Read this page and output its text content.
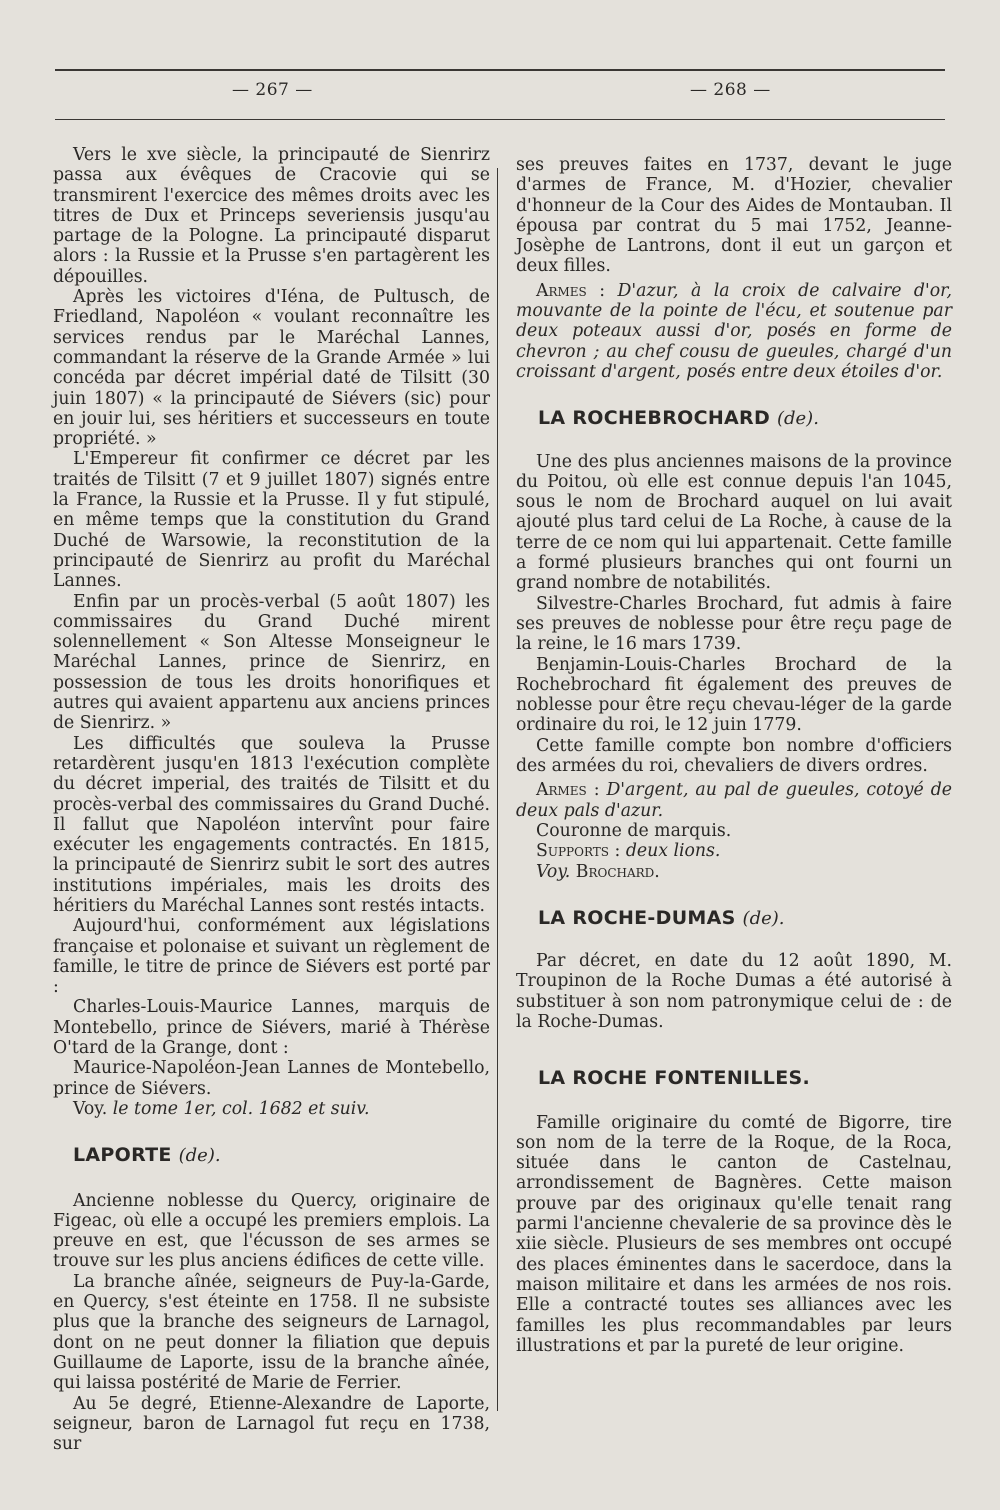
— 267 —	— 268 —

Vers le xve siècle, la principauté de Sienrirz passa aux évêques de Cracovie qui se transmirent l'exercice des mêmes droits avec les titres de Dux et Princeps severiensis jusqu'au partage de la Pologne. La principauté disparut alors : la Russie et la Prusse s'en partagèrent les dépouilles.

Après les victoires d'Iéna, de Pultusch, de Friedland, Napoléon « voulant reconnaître les services rendus par le Maréchal Lannes, commandant la réserve de la Grande Armée » lui concéda par décret impérial daté de Tilsitt (30 juin 1807) « la principauté de Siévers (sic) pour en jouir lui, ses héritiers et successeurs en toute propriété. »

L'Empereur fit confirmer ce décret par les traités de Tilsitt (7 et 9 juillet 1807) signés entre la France, la Russie et la Prusse. Il y fut stipulé, en même temps que la constitution du Grand Duché de Warsowie, la reconstitution de la principauté de Sienrirz au profit du Maréchal Lannes.

Enfin par un procès-verbal (5 août 1807) les commissaires du Grand Duché mirent solennellement « Son Altesse Monseigneur le Maréchal Lannes, prince de Sienrirz, en possession de tous les droits honorifiques et autres qui avaient appartenu aux anciens princes de Sienrirz. »

Les difficultés que souleva la Prusse retardèrent jusqu'en 1813 l'exécution complète du décret imperial, des traités de Tilsitt et du procès-verbal des commissaires du Grand Duché. Il fallut que Napoléon intervînt pour faire exécuter les engagements contractés. En 1815, la principauté de Sienrirz subit le sort des autres institutions impériales, mais les droits des héritiers du Maréchal Lannes sont restés intacts.

Aujourd'hui, conformément aux législations française et polonaise et suivant un règlement de famille, le titre de prince de Siévers est porté par :

Charles-Louis-Maurice Lannes, marquis de Montebello, prince de Siévers, marié à Thérèse O'tard de la Grange, dont :

Maurice-Napoléon-Jean Lannes de Montebello, prince de Siévers.

Voy. le tome 1er, col. 1682 et suiv.

LAPORTE (de).

Ancienne noblesse du Quercy, originaire de Figeac, où elle a occupé les premiers emplois. La preuve en est, que l'écusson de ses armes se trouve sur les plus anciens édifices de cette ville.

La branche aînée, seigneurs de Puy-la-Garde, en Quercy, s'est éteinte en 1758. Il ne subsiste plus que la branche des seigneurs de Larnagol, dont on ne peut donner la filiation que depuis Guillaume de Laporte, issu de la branche aînée, qui laissa postérité de Marie de Ferrier.

Au 5e degré, Etienne-Alexandre de Laporte, seigneur, baron de Larnagol fut reçu en 1738, sur

ses preuves faites en 1737, devant le juge d'armes de France, M. d'Hozier, chevalier d'honneur de la Cour des Aides de Montauban. Il épousa par contrat du 5 mai 1752, Jeanne-Josèphe de Lantrons, dont il eut un garçon et deux filles.

Armes : D'azur, à la croix de calvaire d'or, mouvante de la pointe de l'écu, et soutenue par deux poteaux aussi d'or, posés en forme de chevron ; au chef cousu de gueules, chargé d'un croissant d'argent, posés entre deux étoiles d'or.

LA ROCHEBROCHARD (de).

Une des plus anciennes maisons de la province du Poitou, où elle est connue depuis l'an 1045, sous le nom de Brochard auquel on lui avait ajouté plus tard celui de La Roche, à cause de la terre de ce nom qui lui appartenait. Cette famille a formé plusieurs branches qui ont fourni un grand nombre de notabilités.

Silvestre-Charles Brochard, fut admis à faire ses preuves de noblesse pour être reçu page de la reine, le 16 mars 1739.

Benjamin-Louis-Charles Brochard de la Rochebrochard fit également des preuves de noblesse pour être reçu chevau-léger de la garde ordinaire du roi, le 12 juin 1779.

Cette famille compte bon nombre d'officiers des armées du roi, chevaliers de divers ordres.

Armes : D'argent, au pal de gueules, cotoyé de deux pals d'azur.

Couronne de marquis.

Supports : deux lions.

Voy. Brochard.

LA ROCHE-DUMAS (de).

Par décret, en date du 12 août 1890, M. Troupinon de la Roche Dumas a été autorisé à substituer à son nom patronymique celui de : de la Roche-Dumas.

LA ROCHE FONTENILLES.

Famille originaire du comté de Bigorre, tire son nom de la terre de la Roque, de la Roca, située dans le canton de Castelnau, arrondissement de Bagnères. Cette maison prouve par des originaux qu'elle tenait rang parmi l'ancienne chevalerie de sa province dès le xiie siècle. Plusieurs de ses membres ont occupé des places éminentes dans le sacerdoce, dans la maison militaire et dans les armées de nos rois. Elle a contracté toutes ses alliances avec les familles les plus recommandables par leurs illustrations et par la pureté de leur origine.
